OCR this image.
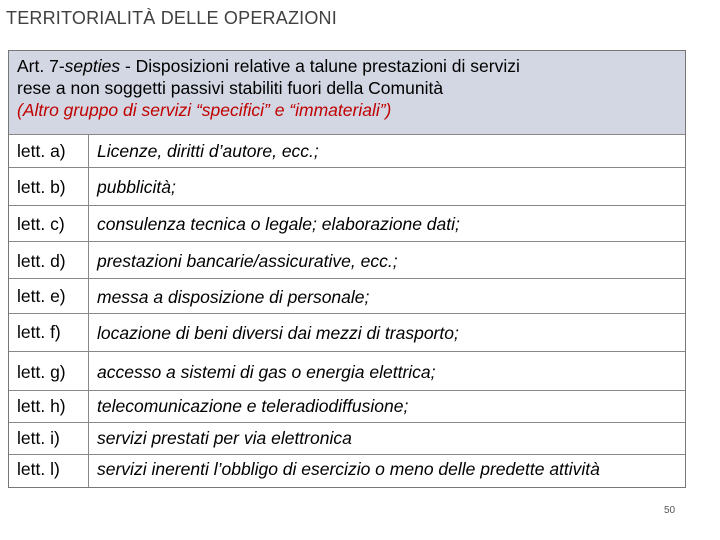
TERRITORIALITÀ DELLE OPERAZIONI
Art. 7-septies - Disposizioni relative a talune prestazioni di servizi
rese a non soggetti passivi stabiliti fuori della Comunità
(Altro gruppo di servizi “specifici” e “immateriali”)
lett. a) Licenze, diritti d’autore, ecc.;
lett. b) pubblicità;
lett. c) consulenza tecnica o legale; elaborazione dati;
lett. d) prestazioni bancarie/assicurative, ecc.;
lett. e) messa a disposizione di personale;
lett. f) locazione di beni diversi dai mezzi di trasporto;
lett. g) accesso a sistemi di gas o energia elettrica;
lett. h) telecomunicazione e teleradiodiffusione;
lett. i) servizi prestati per via elettronica
lett. l) servizi inerenti l’obbligo di esercizio o meno delle predette attività
50
